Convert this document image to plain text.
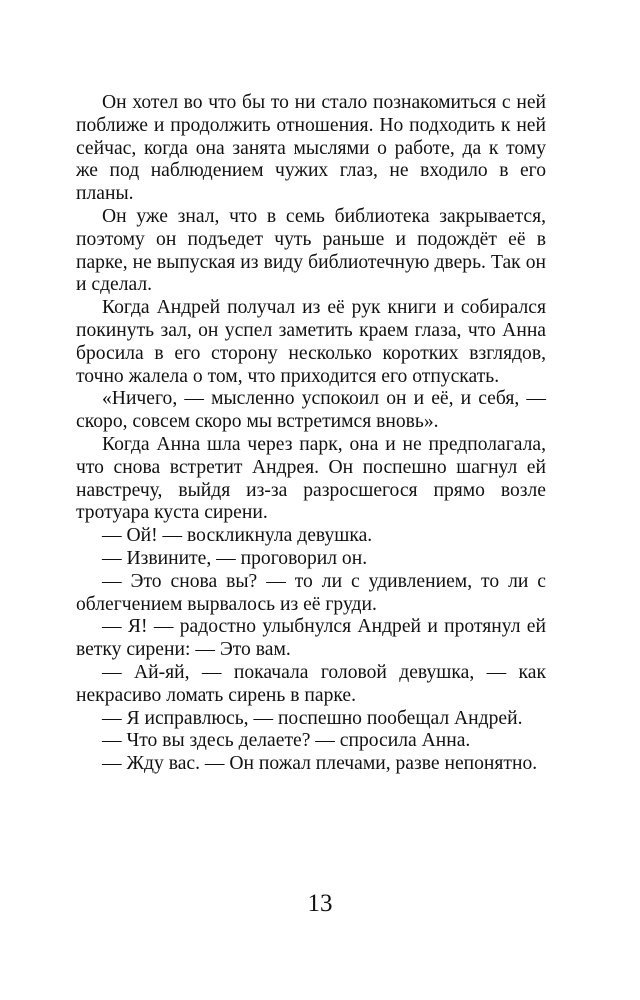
Он хотел во что бы то ни стало познакомиться с ней поближе и продолжить отношения. Но подходить к ней сейчас, когда она занята мыслями о работе, да к тому же под наблюдением чужих глаз, не входило в его планы.

Он уже знал, что в семь библиотека закрывается, поэтому он подъедет чуть раньше и подождёт её в парке, не выпуская из виду библиотечную дверь. Так он и сделал.

Когда Андрей получал из её рук книги и собирался покинуть зал, он успел заметить краем глаза, что Анна бросила в его сторону несколько коротких взглядов, точно жалела о том, что приходится его отпускать.

«Ничего, — мысленно успокоил он и её, и себя, — скоро, совсем скоро мы встретимся вновь».

Когда Анна шла через парк, она и не предполагала, что снова встретит Андрея. Он поспешно шагнул ей навстречу, выйдя из-за разросшегося прямо возле тротуара куста сирени.

— Ой! — воскликнула девушка.

— Извините, — проговорил он.

— Это снова вы? — то ли с удивлением, то ли с облегчением вырвалось из её груди.

— Я! — радостно улыбнулся Андрей и протянул ей ветку сирени: — Это вам.

— Ай-яй, — покачала головой девушка, — как некрасиво ломать сирень в парке.

— Я исправлюсь, — поспешно пообещал Андрей.

— Что вы здесь делаете? — спросила Анна.

— Жду вас. — Он пожал плечами, разве непонятно.

13
